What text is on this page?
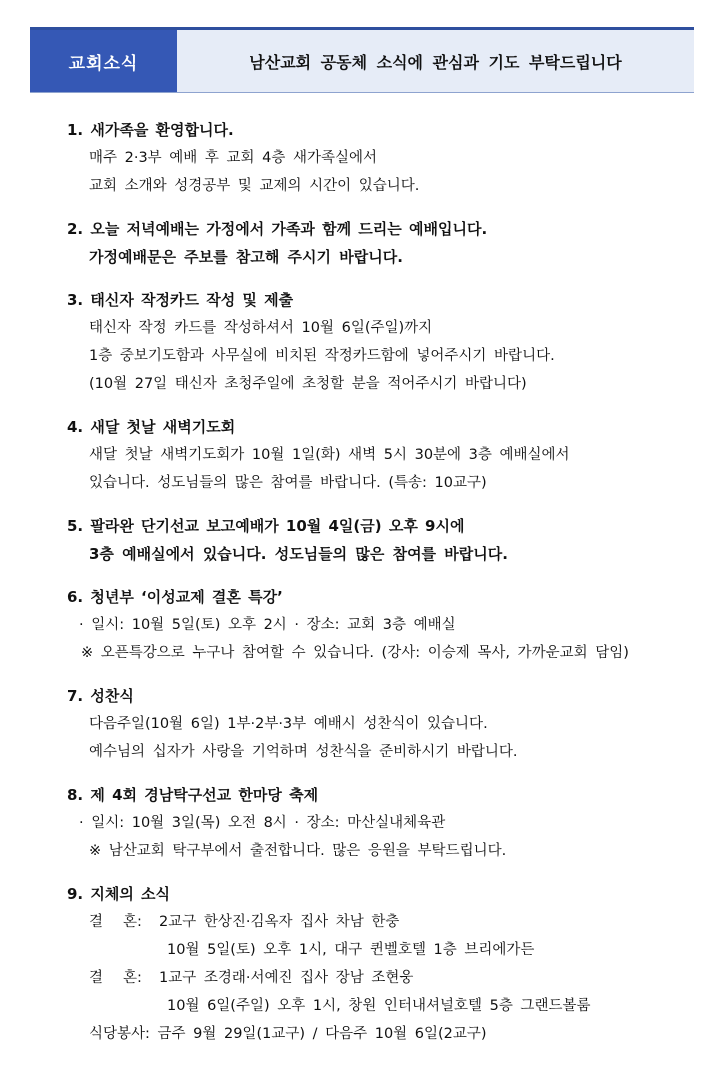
교회소식	남산교회 공동체 소식에 관심과 기도 부탁드립니다
1. 새가족을 환영합니다.
매주 2·3부 예배 후 교회 4층 새가족실에서
교회 소개와 성경공부 및 교제의 시간이 있습니다.
2. 오늘 저녁예배는 가정에서 가족과 함께 드리는 예배입니다.
가정예배문은 주보를 참고해 주시기 바랍니다.
3. 태신자 작정카드 작성 및 제출
태신자 작정 카드를 작성하셔서 10월 6일(주일)까지
1층 중보기도함과 사무실에 비치된 작정카드함에 넣어주시기 바랍니다.
(10월 27일 태신자 초청주일에 초청할 분을 적어주시기 바랍니다)
4. 새달 첫날 새벽기도회
새달 첫날 새벽기도회가 10월 1일(화) 새벽 5시 30분에 3층 예배실에서
있습니다. 성도님들의 많은 참여를 바랍니다. (특송: 10교구)
5. 팔라완 단기선교 보고예배가 10월 4일(금) 오후 9시에
3층 예배실에서 있습니다. 성도님들의 많은 참여를 바랍니다.
6. 청년부 ‘이성교제 결혼 특강’
· 일시: 10월 5일(토) 오후 2시 · 장소: 교회 3층 예배실
※ 오픈특강으로 누구나 참여할 수 있습니다. (강사: 이승제 목사, 가까운교회 담임)
7. 성찬식
다음주일(10월 6일) 1부·2부·3부 예배시 성찬식이 있습니다.
예수님의 십자가 사랑을 기억하며 성찬식을 준비하시기 바랍니다.
8. 제 4회 경남탁구선교 한마당 축제
· 일시: 10월 3일(목) 오전 8시 · 장소: 마산실내체육관
※ 남산교회 탁구부에서 출전합니다. 많은 응원을 부탁드립니다.
9. 지체의 소식
결 혼: 2교구 한상진·김옥자 집사 차남 한충
10월 5일(토) 오후 1시, 대구 퀸벨호텔 1층 브리에가든
결 혼: 1교구 조경래·서예진 집사 장남 조현웅
10월 6일(주일) 오후 1시, 창원 인터내셔널호텔 5층 그랜드볼룸
식당봉사: 금주 9월 29일(1교구) / 다음주 10월 6일(2교구)
